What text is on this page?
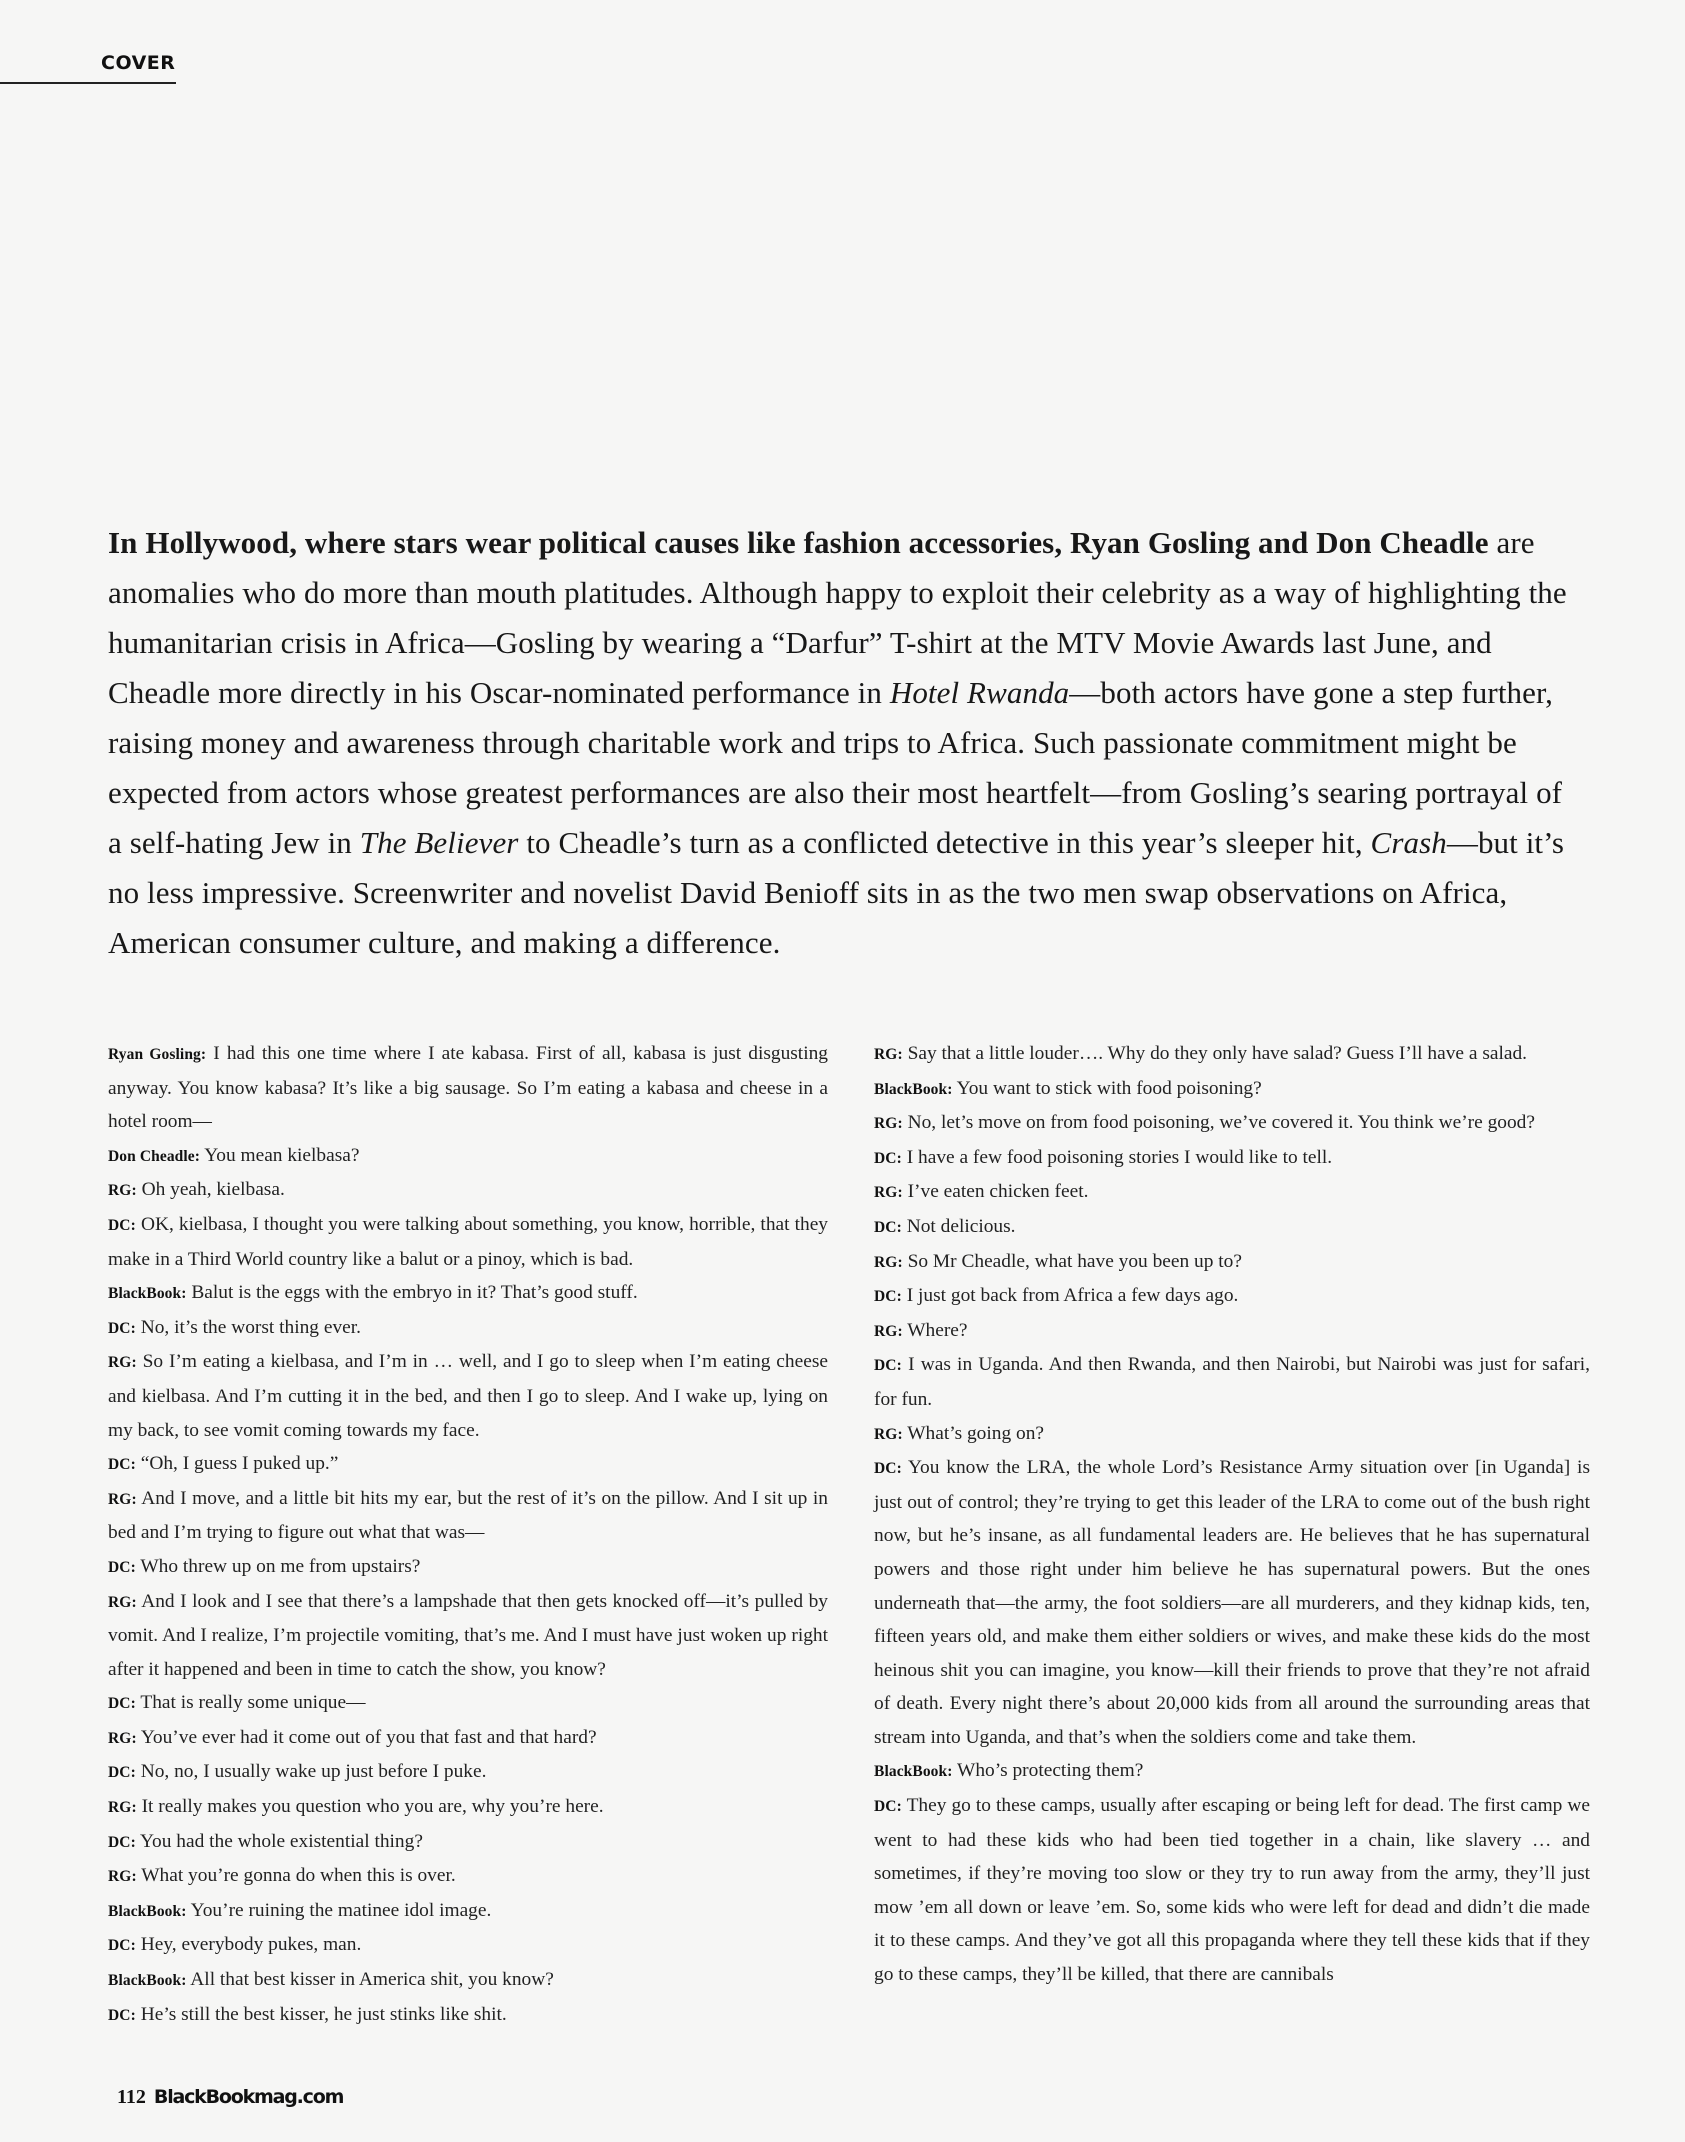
COVER
In Hollywood, where stars wear political causes like fashion accessories, Ryan Gosling and Don Cheadle are anomalies who do more than mouth platitudes. Although happy to exploit their celebrity as a way of highlighting the humanitarian crisis in Africa—Gosling by wearing a “Darfur” T-shirt at the MTV Movie Awards last June, and Cheadle more directly in his Oscar-nominated performance in Hotel Rwanda—both actors have gone a step further, raising money and awareness through charitable work and trips to Africa. Such passionate commitment might be expected from actors whose greatest performances are also their most heartfelt—from Gosling’s searing portrayal of a self-hating Jew in The Believer to Cheadle’s turn as a conflicted detective in this year’s sleeper hit, Crash—but it’s no less impressive. Screenwriter and novelist David Benioff sits in as the two men swap observations on Africa, American consumer culture, and making a difference.

Ryan Gosling: I had this one time where I ate kabasa. First of all, kabasa is just disgusting anyway. You know kabasa? It’s like a big sausage. So I’m eating a kabasa and cheese in a hotel room—

Don Cheadle: You mean kielbasa?

RG: Oh yeah, kielbasa.

DC: OK, kielbasa, I thought you were talking about something, you know, horrible, that they make in a Third World country like a balut or a pinoy, which is bad.

BlackBook: Balut is the eggs with the embryo in it? That’s good stuff.

DC: No, it’s the worst thing ever.

RG: So I’m eating a kielbasa, and I’m in … well, and I go to sleep when I’m eating cheese and kielbasa. And I’m cutting it in the bed, and then I go to sleep. And I wake up, lying on my back, to see vomit coming towards my face.

DC: “Oh, I guess I puked up.”

RG: And I move, and a little bit hits my ear, but the rest of it’s on the pillow. And I sit up in bed and I’m trying to figure out what that was—

DC: Who threw up on me from upstairs?

RG: And I look and I see that there’s a lampshade that then gets knocked off—it’s pulled by vomit. And I realize, I’m projectile vomiting, that’s me. And I must have just woken up right after it happened and been in time to catch the show, you know?

DC: That is really some unique—

RG: You’ve ever had it come out of you that fast and that hard?

DC: No, no, I usually wake up just before I puke.

RG: It really makes you question who you are, why you’re here.

DC: You had the whole existential thing?

RG: What you’re gonna do when this is over.

BlackBook: You’re ruining the matinee idol image.

DC: Hey, everybody pukes, man.

BlackBook: All that best kisser in America shit, you know?

DC: He’s still the best kisser, he just stinks like shit.

RG: Say that a little louder…. Why do they only have salad? Guess I’ll have a salad.

BlackBook: You want to stick with food poisoning?

RG: No, let’s move on from food poisoning, we’ve covered it. You think we’re good?

DC: I have a few food poisoning stories I would like to tell.

RG: I’ve eaten chicken feet.

DC: Not delicious.

RG: So Mr Cheadle, what have you been up to?

DC: I just got back from Africa a few days ago.

RG: Where?

DC: I was in Uganda. And then Rwanda, and then Nairobi, but Nairobi was just for safari, for fun.

RG: What’s going on?

DC: You know the LRA, the whole Lord’s Resistance Army situation over [in Uganda] is just out of control; they’re trying to get this leader of the LRA to come out of the bush right now, but he’s insane, as all fundamental leaders are. He believes that he has supernatural powers and those right under him believe he has supernatural powers. But the ones underneath that—the army, the foot soldiers—are all murderers, and they kidnap kids, ten, fifteen years old, and make them either soldiers or wives, and make these kids do the most heinous shit you can imagine, you know—kill their friends to prove that they’re not afraid of death. Every night there’s about 20,000 kids from all around the surrounding areas that stream into Uganda, and that’s when the soldiers come and take them.

BlackBook: Who’s protecting them?

DC: They go to these camps, usually after escaping or being left for dead. The first camp we went to had these kids who had been tied together in a chain, like slavery … and sometimes, if they’re moving too slow or they try to run away from the army, they’ll just mow ’em all down or leave ’em. So, some kids who were left for dead and didn’t die made it to these camps. And they’ve got all this propaganda where they tell these kids that if they go to these camps, they’ll be killed, that there are cannibals

112 BlackBookmag.com
